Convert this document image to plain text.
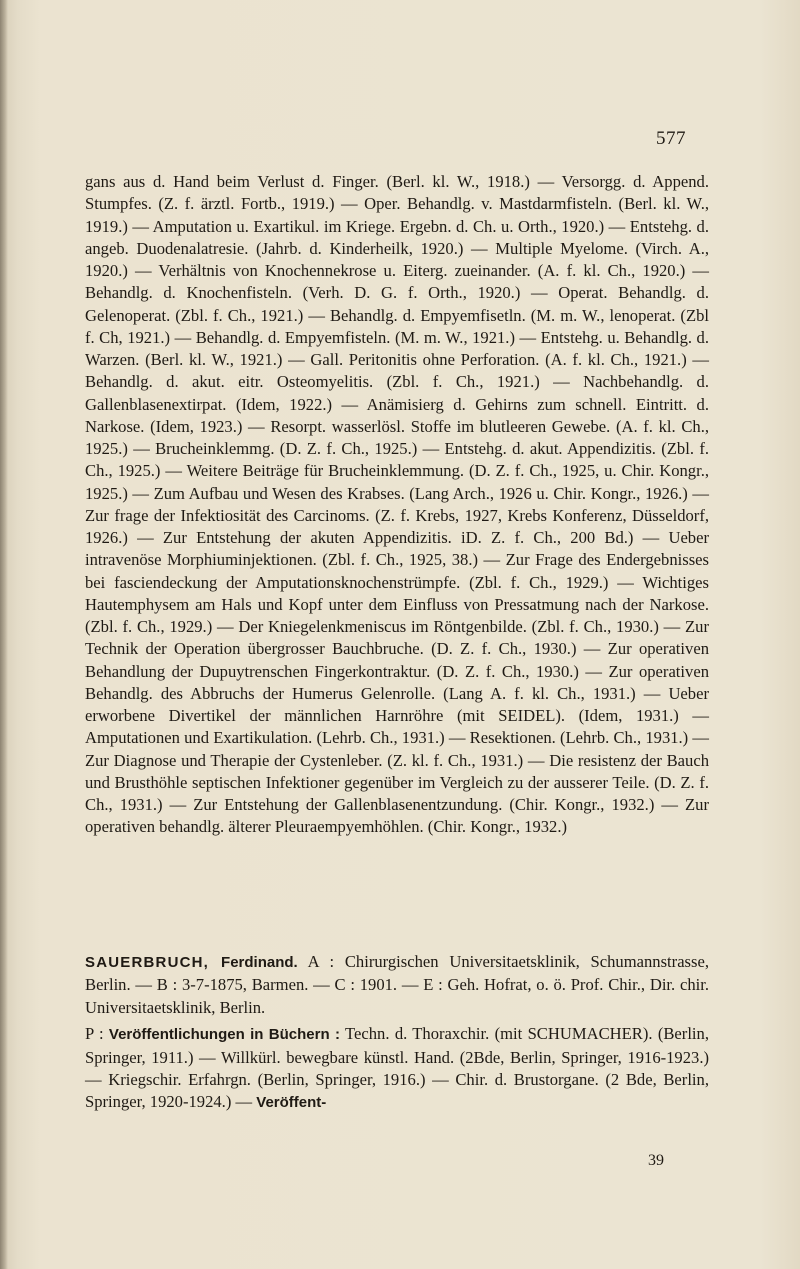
577

gans aus d. Hand beim Verlust d. Finger. (Berl. kl. W., 1918.) — Versorgg. d. Append. Stumpfes. (Z. f. ärztl. Fortb., 1919.) — Oper. Behandlg. v. Mastdarmfisteln. (Berl. kl. W., 1919.) — Amputation u. Exartikul. im Kriege. Ergebn. d. Ch. u. Orth., 1920.) — Entstehg. d. angeb. Duodenalatresie. (Jahrb. d. Kinderheilk, 1920.) — Multiple Myelome. (Virch. A., 1920.) — Verhältnis von Knochennekrose u. Eiterg. zueinander. (A. f. kl. Ch., 1920.) — Behandlg. d. Knochenfisteln. (Verh. D. G. f. Orth., 1920.) — Operat. Behandlg. d. Gelenoperat. (Zbl. f. Ch., 1921.) — Behandlg. d. Empyemfisetln. (M. m. W., lenoperat. (Zbl f. Ch, 1921.) — Behandlg. d. Empyemfisteln. (M. m. W., 1921.) — Entstehg. u. Behandlg. d. Warzen. (Berl. kl. W., 1921.) — Gall. Peritonitis ohne Perforation. (A. f. kl. Ch., 1921.) — Behandlg. d. akut. eitr. Osteomyelitis. (Zbl. f. Ch., 1921.) — Nachbehandlg. d. Gallenblasenextirpat. (Idem, 1922.) — Anämisierg d. Gehirns zum schnell. Eintritt. d. Narkose. (Idem, 1923.) — Resorpt. wasserlösl. Stoffe im blutleeren Gewebe. (A. f. kl. Ch., 1925.) — Brucheinklemmg. (D. Z. f. Ch., 1925.) — Entstehg. d. akut. Appendizitis. (Zbl. f. Ch., 1925.) — Weitere Beiträge für Brucheinklemmung. (D. Z. f. Ch., 1925, u. Chir. Kongr., 1925.) — Zum Aufbau und Wesen des Krabses. (Lang Arch., 1926 u. Chir. Kongr., 1926.) — Zur frage der Infektiosität des Carcinoms. (Z. f. Krebs, 1927, Krebs Konferenz, Düsseldorf, 1926.) — Zur Entstehung der akuten Appendizitis. iD. Z. f. Ch., 200 Bd.) — Ueber intravenöse Morphiuminjektionen. (Zbl. f. Ch., 1925, 38.) — Zur Frage des Endergebnisses bei fasciendeckung der Amputationsknochenstrümpfe. (Zbl. f. Ch., 1929.) — Wichtiges Hautemphysem am Hals und Kopf unter dem Einfluss von Pressatmung nach der Narkose. (Zbl. f. Ch., 1929.) — Der Kniegelenkmeniscus im Röntgenbilde. (Zbl. f. Ch., 1930.) — Zur Technik der Operation übergrosser Bauchbruche. (D. Z. f. Ch., 1930.) — Zur operativen Behandlung der Dupuytrenschen Fingerkontraktur. (D. Z. f. Ch., 1930.) — Zur operativen Behandlg. des Abbruchs der Humerus Gelenrolle. (Lang A. f. kl. Ch., 1931.) — Ueber erworbene Divertikel der männlichen Harnröhre (mit SEIDEL). (Idem, 1931.) — Amputationen und Exartikulation. (Lehrb. Ch., 1931.) — Resektionen. (Lehrb. Ch., 1931.) — Zur Diagnose und Therapie der Cystenleber. (Z. kl. f. Ch., 1931.) — Die resistenz der Bauch und Brusthöhle septischen Infektioner gegenüber im Vergleich zu der ausserer Teile. (D. Z. f. Ch., 1931.) — Zur Entstehung der Gallenblasenentzundung. (Chir. Kongr., 1932.) — Zur operativen behandlg. älterer Pleuraempyemhöhlen. (Chir. Kongr., 1932.)

SAUERBRUCH, Ferdinand. A : Chirurgischen Universitaetsklinik, Schumannstrasse, Berlin. — B : 3-7-1875, Barmen. — C : 1901. — E : Geh. Hofrat, o. ö. Prof. Chir., Dir. chir. Universitaetsklinik, Berlin.

P : Veröffentlichungen in Büchern : Techn. d. Thoraxchir. (mit SCHUMACHER). (Berlin, Springer, 1911.) — Willkürl. bewegbare künstl. Hand. (2Bde, Berlin, Springer, 1916-1923.) — Kriegschir. Erfahrgn. (Berlin, Springer, 1916.) — Chir. d. Brustorgane. (2 Bde, Berlin, Springer, 1920-1924.) — Veröffent-

39
